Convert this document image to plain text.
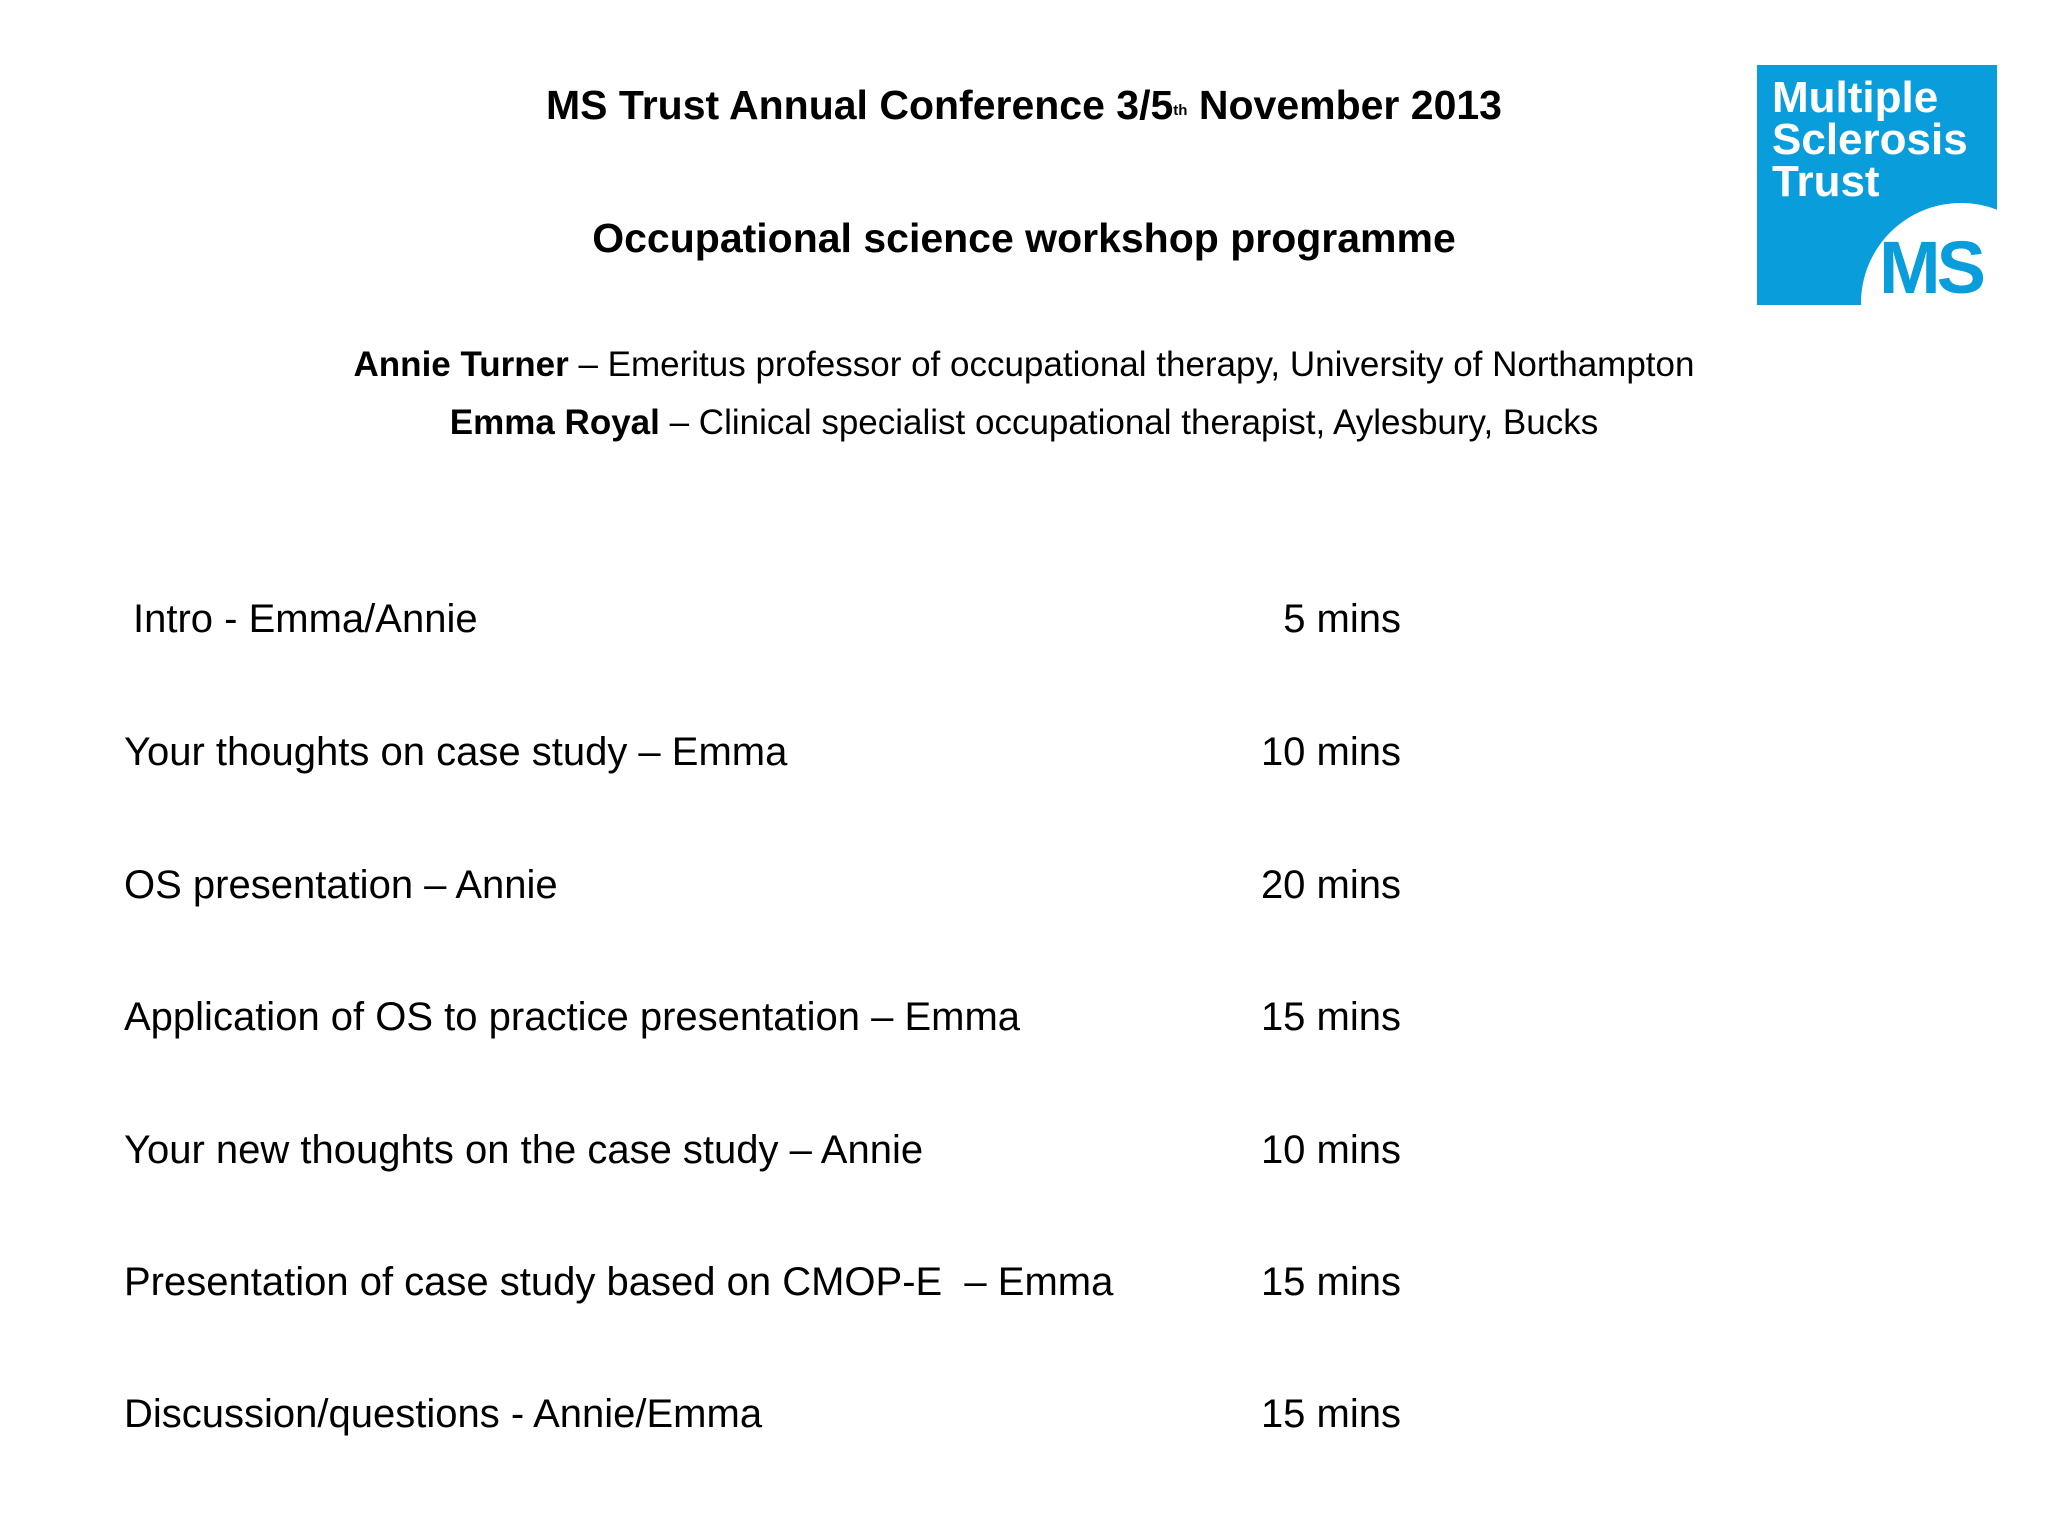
MS Trust Annual Conference 3/5th November 2013
Occupational science workshop programme
Annie Turner – Emeritus professor of occupational therapy, University of Northampton
Emma Royal – Clinical specialist occupational therapist, Aylesbury, Bucks
Multiple
Sclerosis
Trust
MS
Intro - Emma/Annie	5 mins
Your thoughts on case study – Emma	10 mins
OS presentation – Annie	20 mins
Application of OS to practice presentation – Emma	15 mins
Your new thoughts on the case study – Annie	10 mins
Presentation of case study based on CMOP-E  – Emma	15 mins
Discussion/questions - Annie/Emma	15 mins
